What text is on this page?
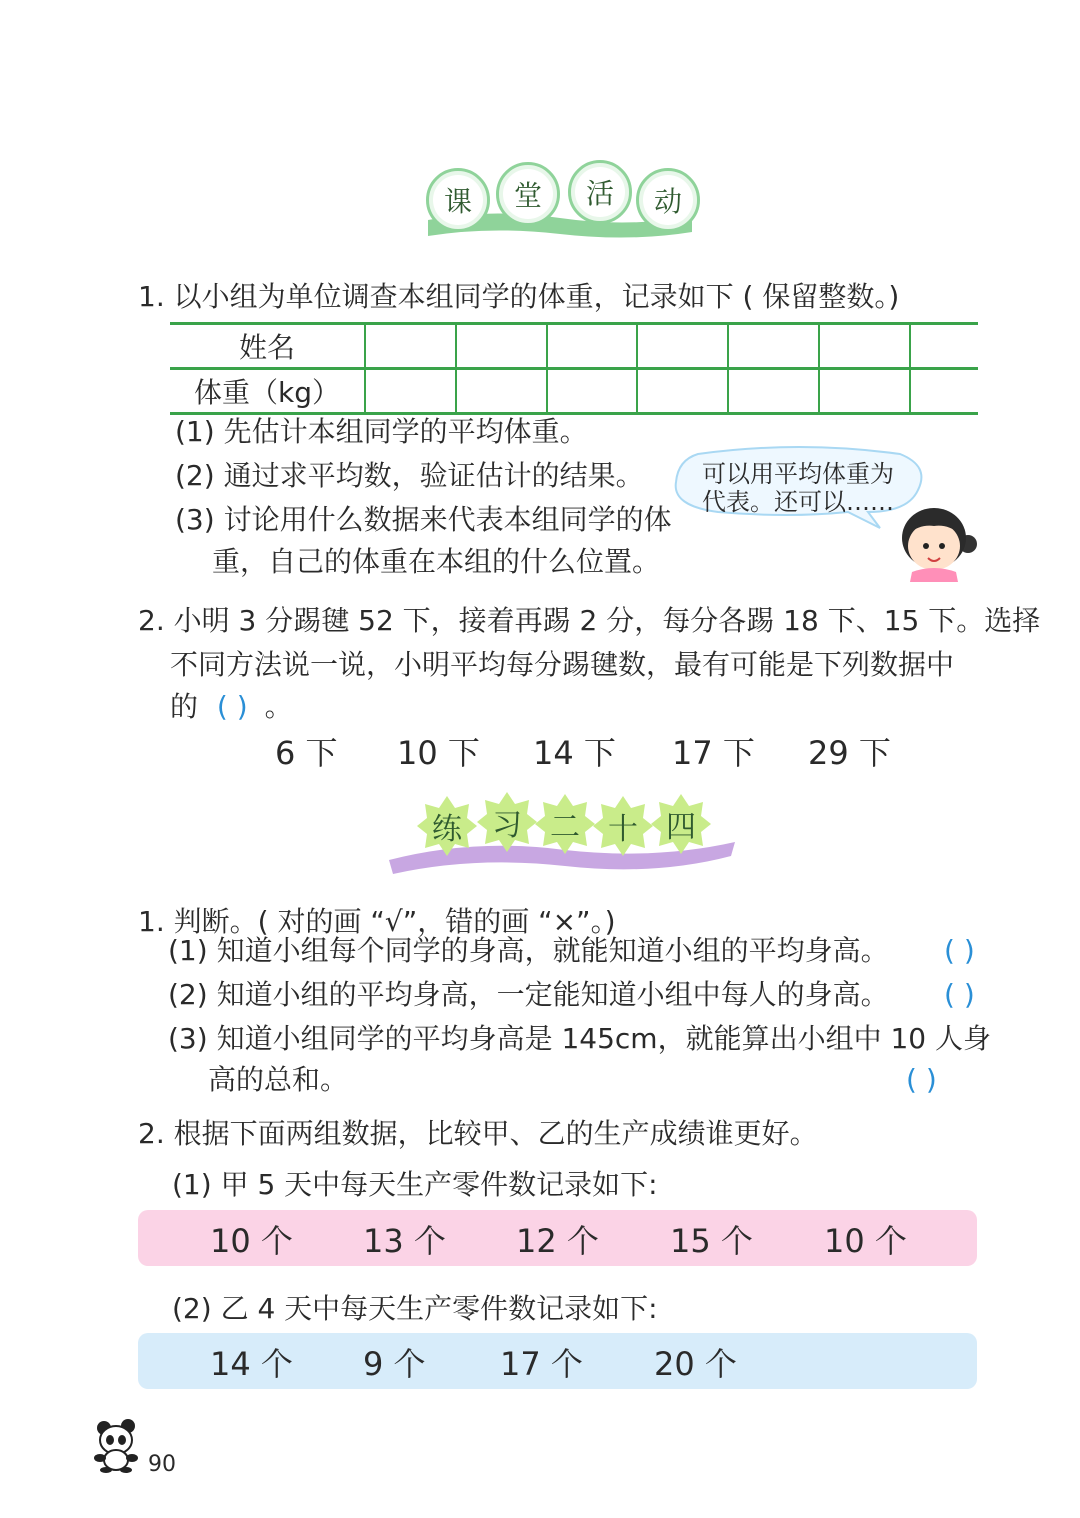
课	堂	活	动
1. 以小组为单位调查本组同学的体重，记录如下 ( 保留整数。)
姓名							
体重（kg）							
(1) 先估计本组同学的平均体重。
(2) 通过求平均数，验证估计的结果。
(3) 讨论用什么数据来代表本组同学的体
重，自己的体重在本组的什么位置。
可以用平均体重为
代表。还可以……
2. 小明 3 分踢毽 52 下，接着再踢 2 分，每分各踢 18 下、15 下。选择
不同方法说一说，小明平均每分踢毽数，最有可能是下列数据中
的 ( ) 。
6 下 10 下 14 下 17 下 29 下
练 习 二 十 四
1. 判断。( 对的画 “√”，错的画 “×”。)
(1) 知道小组每个同学的身高，就能知道小组的平均身高。 ( )
(2) 知道小组的平均身高，一定能知道小组中每人的身高。 ( )
(3) 知道小组同学的平均身高是 145cm，就能算出小组中 10 人身
高的总和。	( )
2. 根据下面两组数据，比较甲、乙的生产成绩谁更好。
(1) 甲 5 天中每天生产零件数记录如下:
10 个 13 个 12 个 15 个 10 个
(2) 乙 4 天中每天生产零件数记录如下:
14 个 9 个 17 个 20 个
90
